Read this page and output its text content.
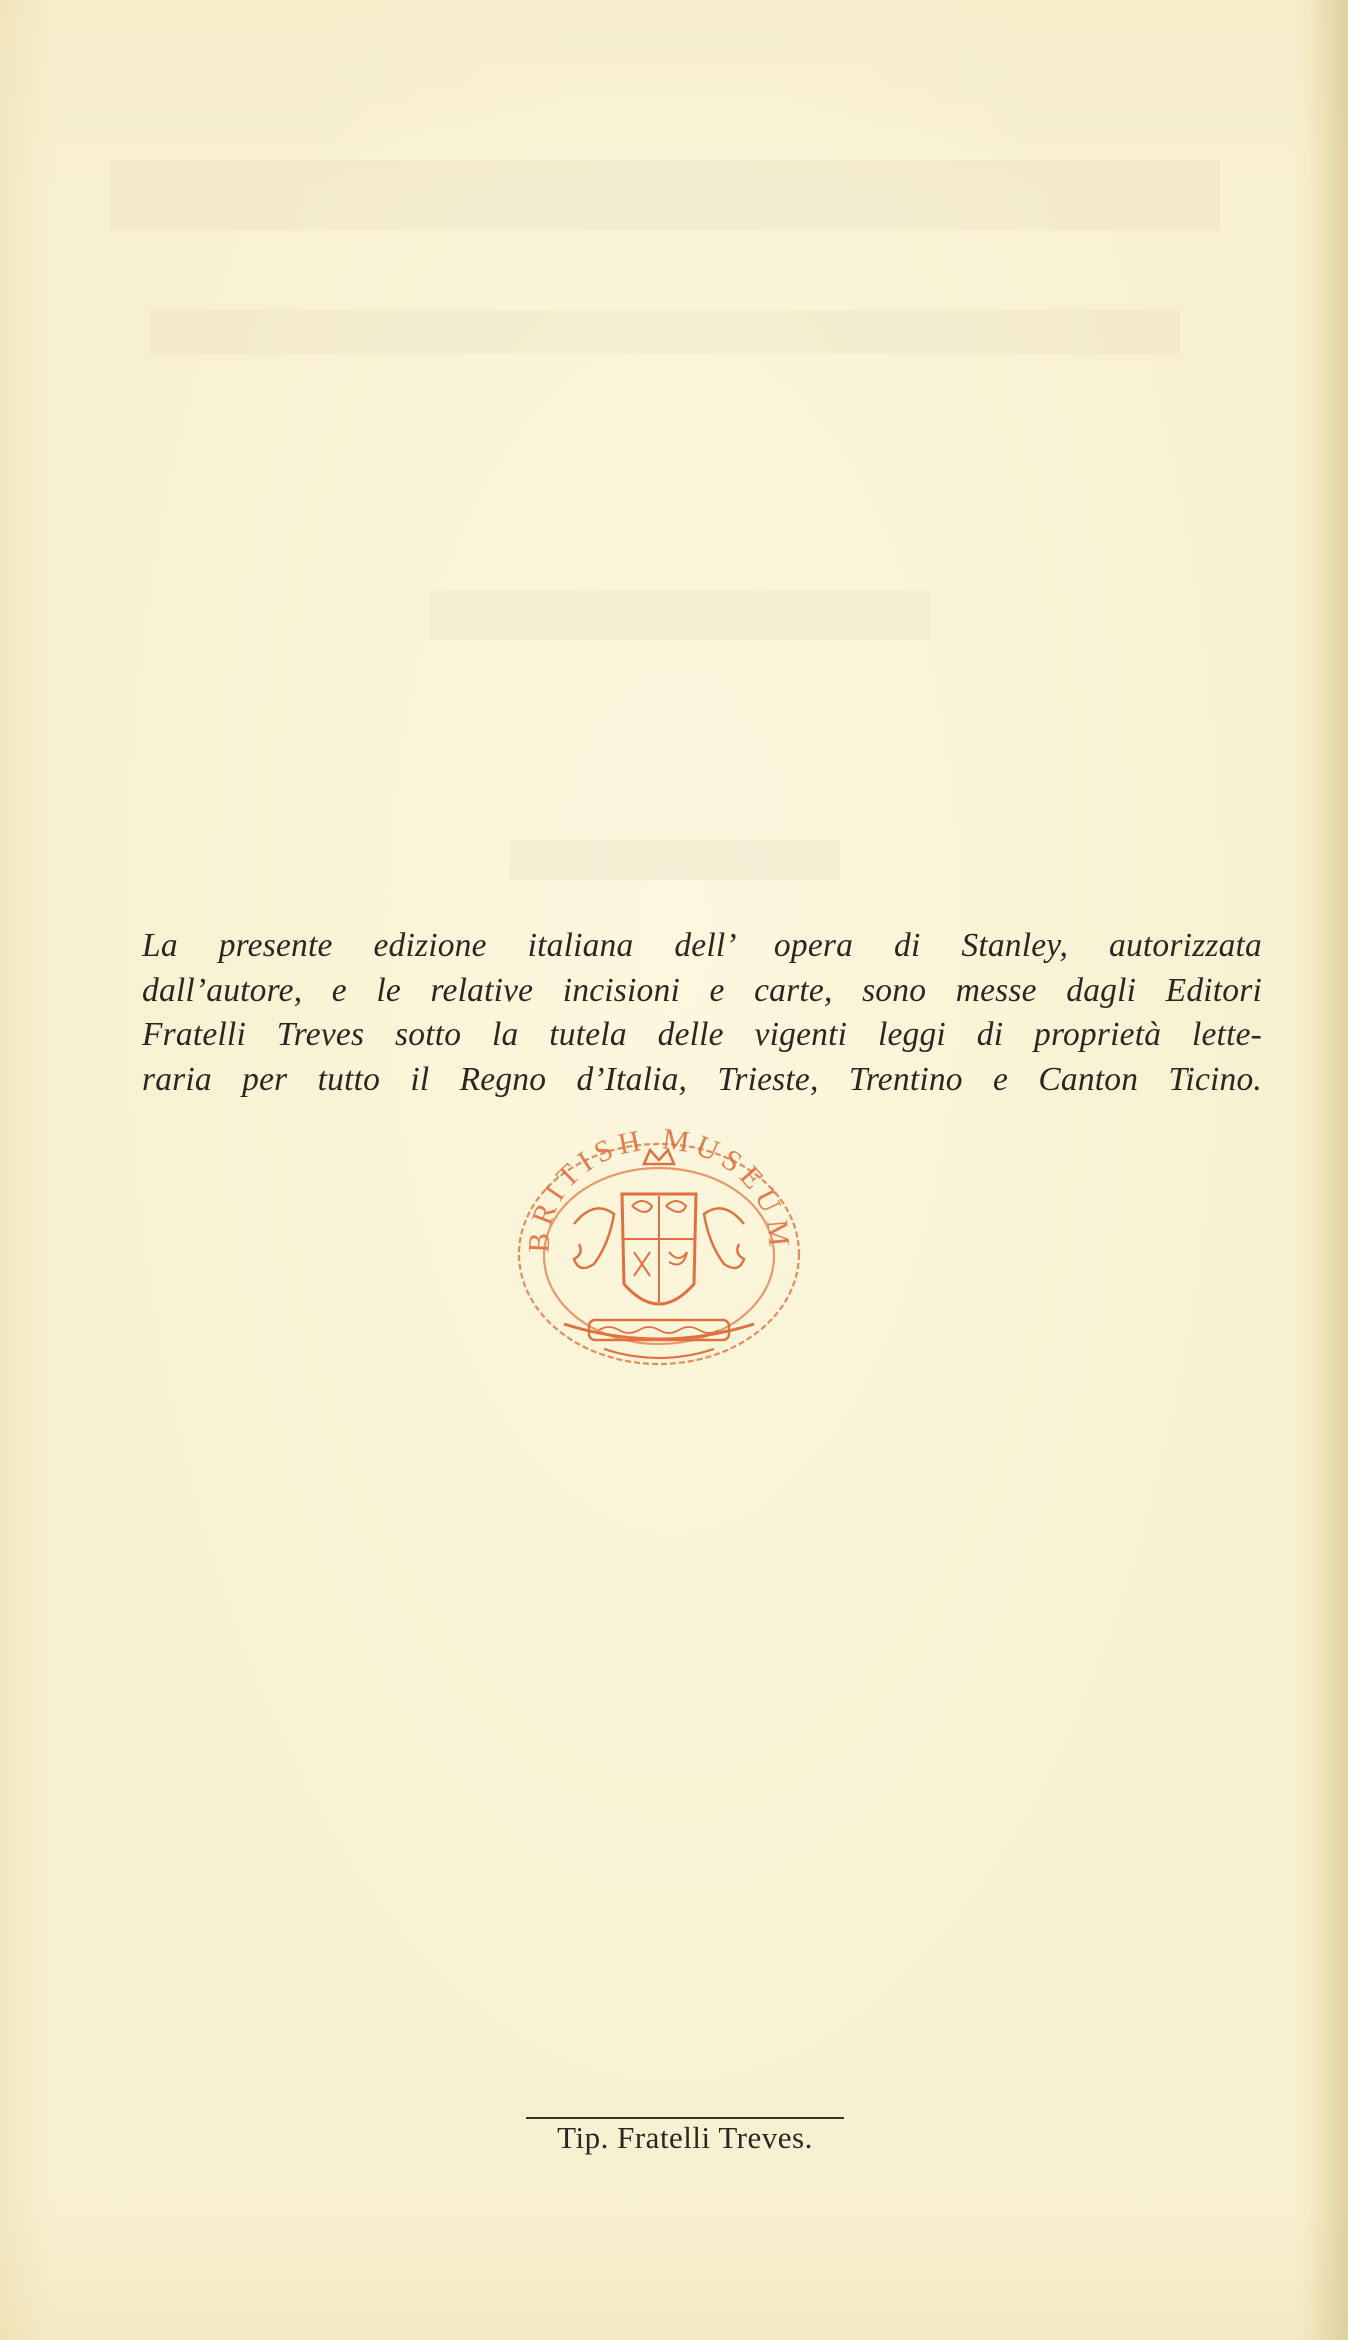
La presente edizione italiana dell’ opera di Stanley, autorizzata
dall’autore, e le relative incisioni e carte, sono messe dagli Editori
Fratelli Treves sotto la tutela delle vigenti leggi di proprietà lette-
raria per tutto il Regno d’Italia, Trieste, Trentino e Canton Ticino.
BRITISH MUSEUM
Tip. Fratelli Treves.
